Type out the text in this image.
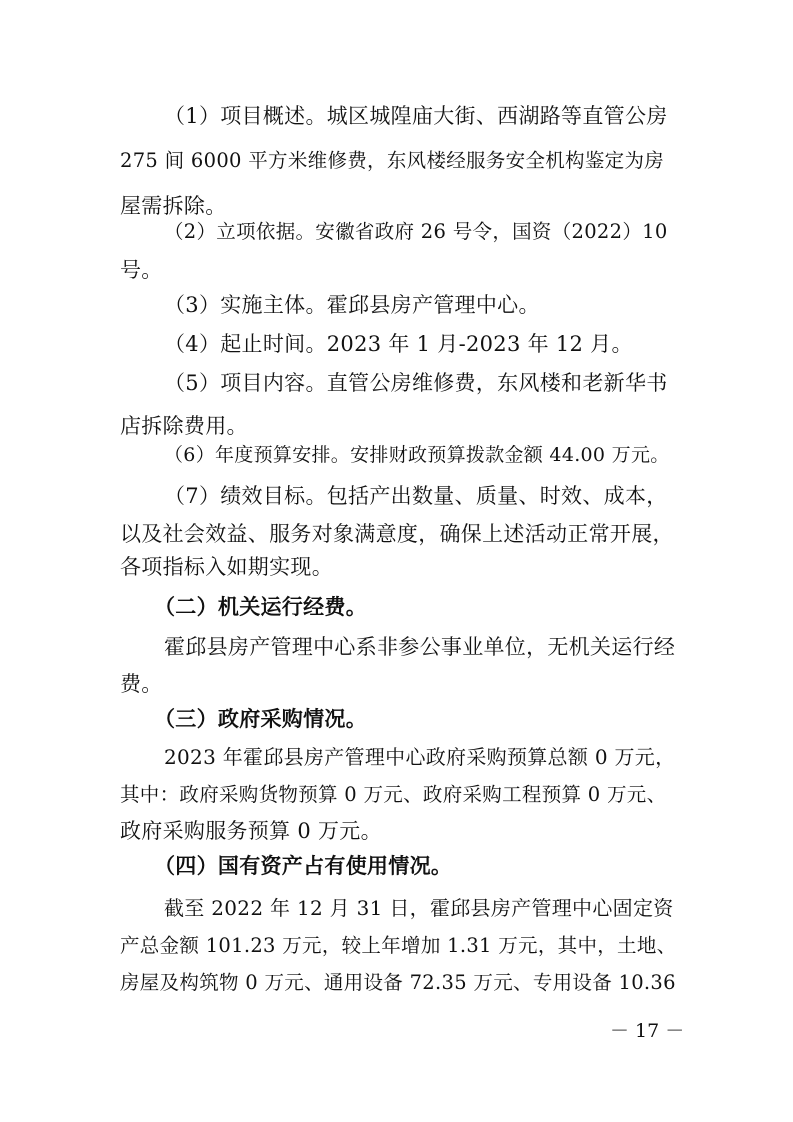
（1）项目概述。城区城隍庙大街、西湖路等直管公房
275 间 6000 平方米维修费，东风楼经服务安全机构鉴定为房
屋需拆除。
（2）立项依据。安徽省政府 26 号令，国资（2022）10
号。
（3）实施主体。霍邱县房产管理中心。
（4）起止时间。2023 年 1 月-2023 年 12 月。
（5）项目内容。直管公房维修费，东风楼和老新华书
店拆除费用。
（6）年度预算安排。安排财政预算拨款金额 44.00 万元。
（7）绩效目标。包括产出数量、质量、时效、成本，
以及社会效益、服务对象满意度，确保上述活动正常开展，
各项指标入如期实现。
（二）机关运行经费。
霍邱县房产管理中心系非参公事业单位，无机关运行经
费。
（三）政府采购情况。
2023 年霍邱县房产管理中心政府采购预算总额 0 万元，
其中：政府采购货物预算 0 万元、政府采购工程预算 0 万元、
政府采购服务预算 0 万元。
（四）国有资产占有使用情况。
截至 2022 年 12 月 31 日，霍邱县房产管理中心固定资
产总金额 101.23 万元，较上年增加 1.31 万元，其中，土地、
房屋及构筑物 0 万元、通用设备 72.35 万元、专用设备 10.36
－ 17 －
